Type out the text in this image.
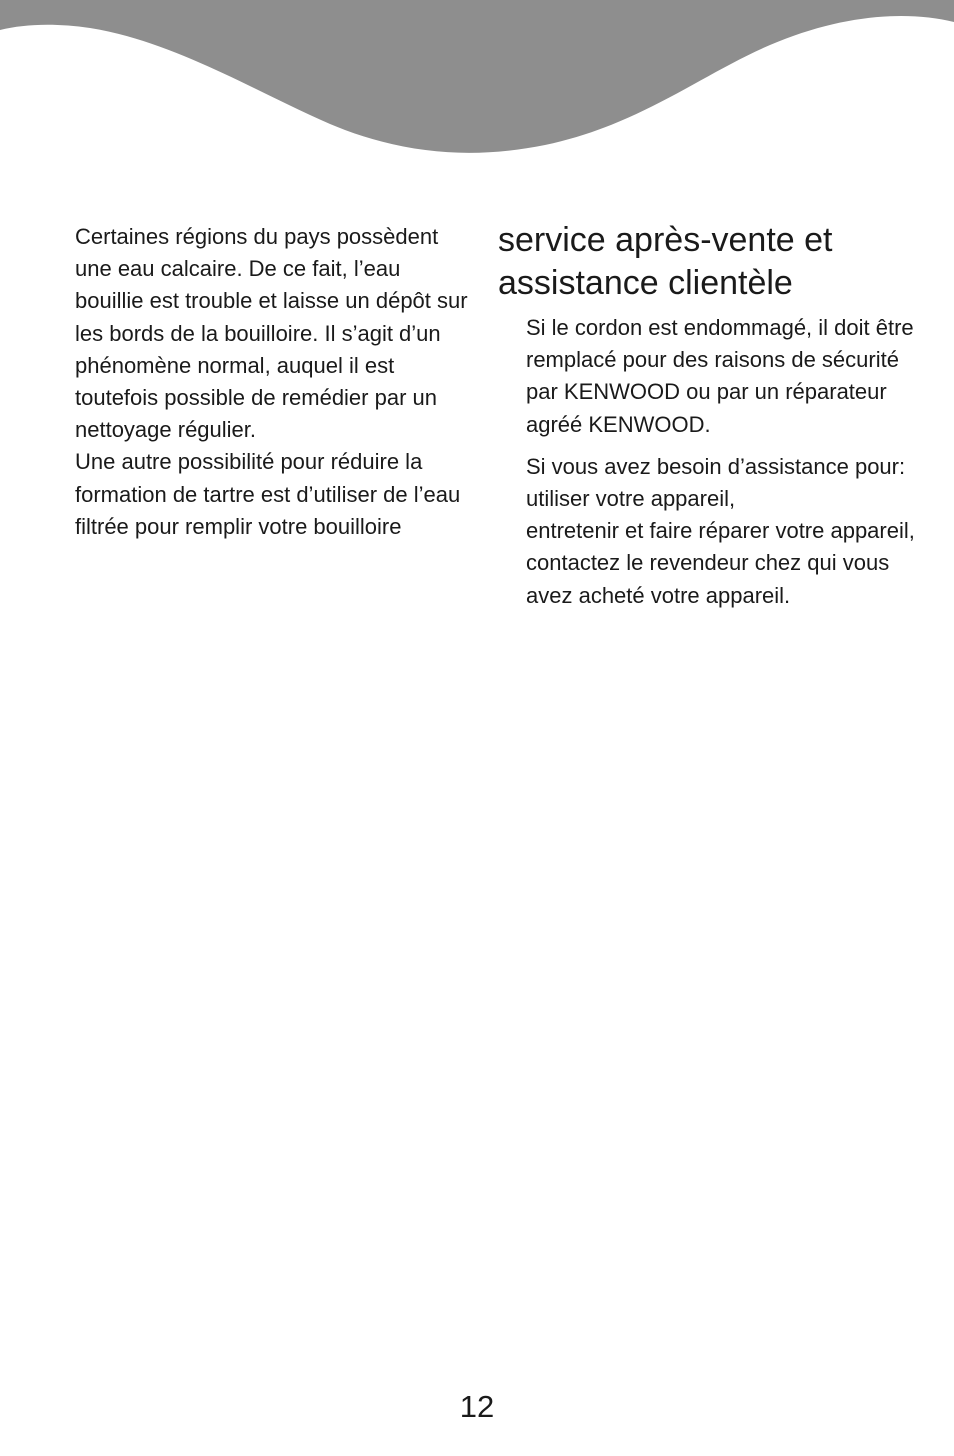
Certaines régions du pays possèdent une eau calcaire. De ce fait, l’eau bouillie est trouble et laisse un dépôt sur les bords de la bouilloire. Il s’agit d’un phénomène normal, auquel il est toutefois possible de remédier par un nettoyage régulier.

Une autre possibilité pour réduire la formation de tartre est d’utiliser de l’eau filtrée pour remplir votre bouilloire

service après-vente et assistance clientèle

Si le cordon est endommagé, il doit être remplacé pour des raisons de sécurité par KENWOOD ou par un réparateur agréé KENWOOD.

Si vous avez besoin d’assistance pour:
utiliser votre appareil,
entretenir et faire réparer votre appareil,
contactez le revendeur chez qui vous avez acheté votre appareil.

12
